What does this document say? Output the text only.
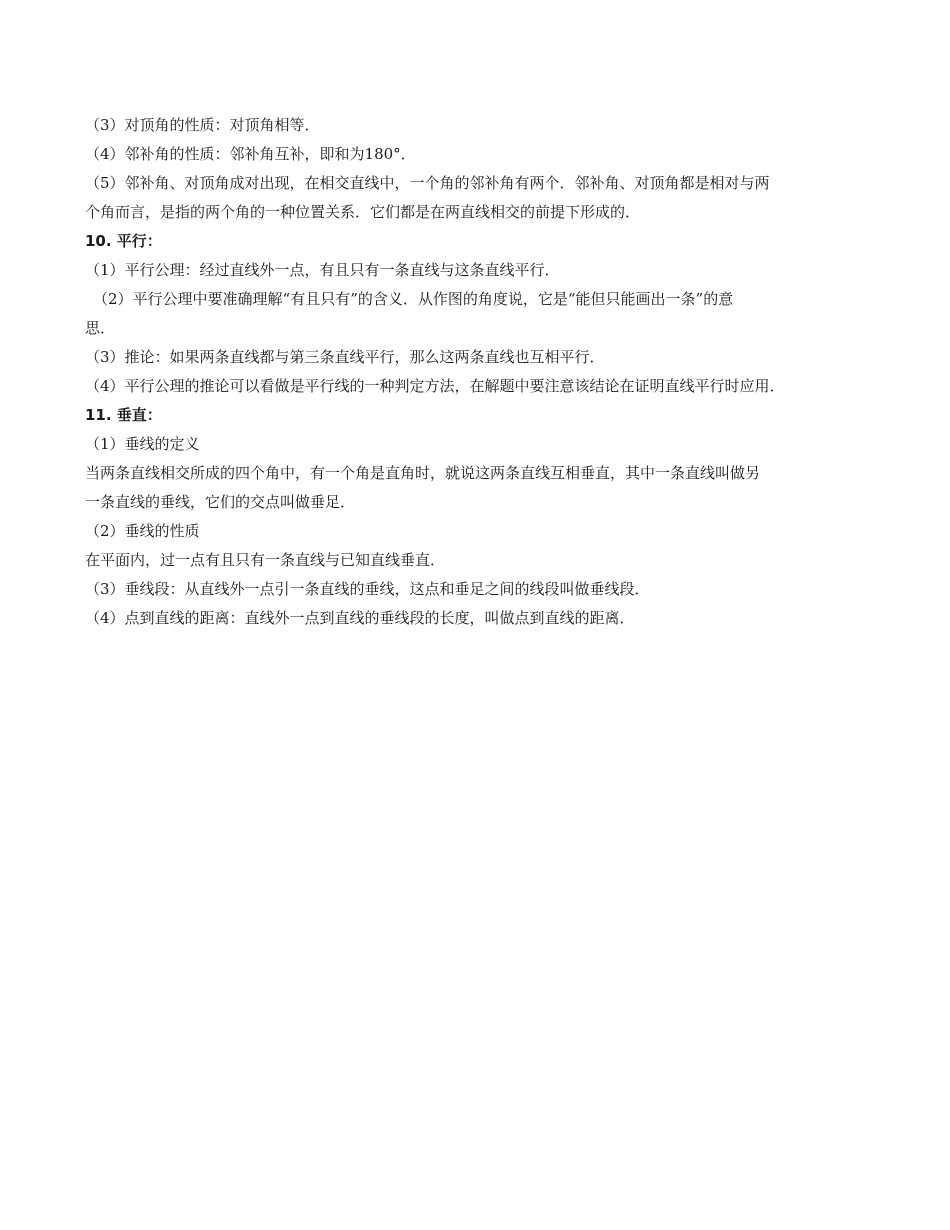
（3）对顶角的性质：对顶角相等．
（4）邻补角的性质：邻补角互补，即和为180°．
（5）邻补角、对顶角成对出现，在相交直线中，一个角的邻补角有两个．邻补角、对顶角都是相对与两
个角而言，是指的两个角的一种位置关系．它们都是在两直线相交的前提下形成的．
10. 平行：
（1）平行公理：经过直线外一点，有且只有一条直线与这条直线平行．
（2）平行公理中要准确理解“有且只有”的含义．从作图的角度说，它是“能但只能画出一条”的意
思．
（3）推论：如果两条直线都与第三条直线平行，那么这两条直线也互相平行．
（4）平行公理的推论可以看做是平行线的一种判定方法，在解题中要注意该结论在证明直线平行时应用．
11. 垂直：
（1）垂线的定义
当两条直线相交所成的四个角中，有一个角是直角时，就说这两条直线互相垂直，其中一条直线叫做另
一条直线的垂线，它们的交点叫做垂足．
（2）垂线的性质
在平面内，过一点有且只有一条直线与已知直线垂直．
（3）垂线段：从直线外一点引一条直线的垂线，这点和垂足之间的线段叫做垂线段．
（4）点到直线的距离：直线外一点到直线的垂线段的长度，叫做点到直线的距离．
